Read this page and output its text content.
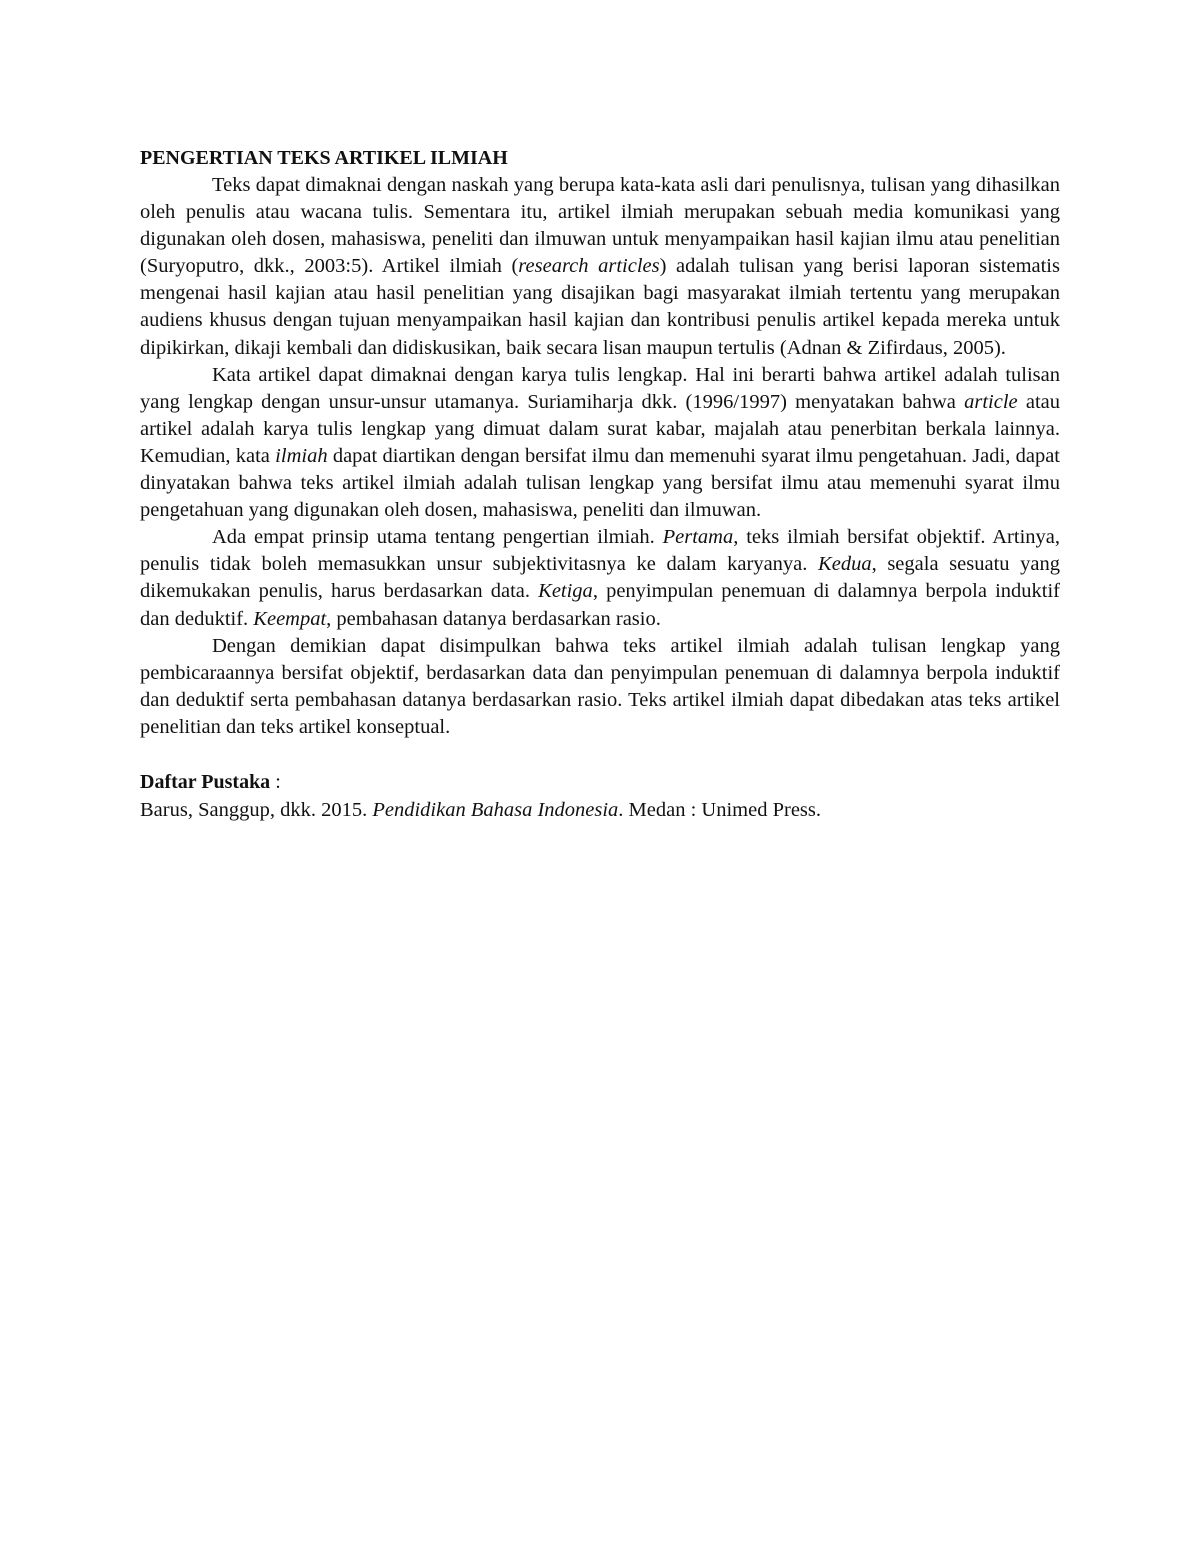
PENGERTIAN TEKS ARTIKEL ILMIAH

Teks dapat dimaknai dengan naskah yang berupa kata-kata asli dari penulisnya, tulisan yang dihasilkan oleh penulis atau wacana tulis. Sementara itu, artikel ilmiah merupakan sebuah media komunikasi yang digunakan oleh dosen, mahasiswa, peneliti dan ilmuwan untuk menyampaikan hasil kajian ilmu atau penelitian (Suryoputro, dkk., 2003:5). Artikel ilmiah (research articles) adalah tulisan yang berisi laporan sistematis mengenai hasil kajian atau hasil penelitian yang disajikan bagi masyarakat ilmiah tertentu yang merupakan audiens khusus dengan tujuan menyampaikan hasil kajian dan kontribusi penulis artikel kepada mereka untuk dipikirkan, dikaji kembali dan didiskusikan, baik secara lisan maupun tertulis (Adnan & Zifirdaus, 2005).

Kata artikel dapat dimaknai dengan karya tulis lengkap. Hal ini berarti bahwa artikel adalah tulisan yang lengkap dengan unsur-unsur utamanya. Suriamiharja dkk. (1996/1997) menyatakan bahwa article atau artikel adalah karya tulis lengkap yang dimuat dalam surat kabar, majalah atau penerbitan berkala lainnya. Kemudian, kata ilmiah dapat diartikan dengan bersifat ilmu dan memenuhi syarat ilmu pengetahuan. Jadi, dapat dinyatakan bahwa teks artikel ilmiah adalah tulisan lengkap yang bersifat ilmu atau memenuhi syarat ilmu pengetahuan yang digunakan oleh dosen, mahasiswa, peneliti dan ilmuwan.

Ada empat prinsip utama tentang pengertian ilmiah. Pertama, teks ilmiah bersifat objektif. Artinya, penulis tidak boleh memasukkan unsur subjektivitasnya ke dalam karyanya. Kedua, segala sesuatu yang dikemukakan penulis, harus berdasarkan data. Ketiga, penyimpulan penemuan di dalamnya berpola induktif dan deduktif. Keempat, pembahasan datanya berdasarkan rasio.

Dengan demikian dapat disimpulkan bahwa teks artikel ilmiah adalah tulisan lengkap yang pembicaraannya bersifat objektif, berdasarkan data dan penyimpulan penemuan di dalamnya berpola induktif dan deduktif serta pembahasan datanya berdasarkan rasio. Teks artikel ilmiah dapat dibedakan atas teks artikel penelitian dan teks artikel konseptual.

Daftar Pustaka :

Barus, Sanggup, dkk. 2015. Pendidikan Bahasa Indonesia. Medan : Unimed Press.
